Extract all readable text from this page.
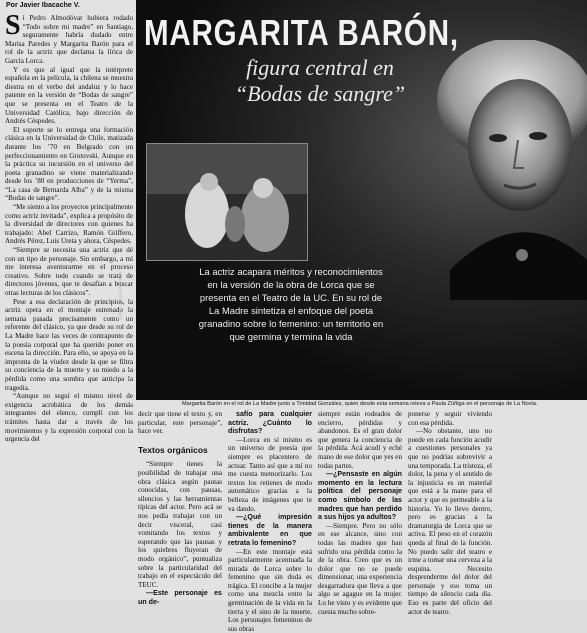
Por Javier Ibacache V.

Si Pedro Almodóvar hubiera rodado “Todo sobre mi madre” en Santiago, seguramente habría dudado entre Marisa Paredes y Margarita Barón para el rol de la actriz que declama la lírica de García Lorca.

Y es que al igual que la intérprete española en la película, la chilena se muestra diestra en el verbo del andaluz y lo hace patente en la versión de “Bodas de sangre” que se presenta en el Teatro de la Universidad Católica, bajo dirección de Andrés Céspedes.

El soporte se lo entrega una formación clásica en la Universidad de Chile, matizada durante los ’70 en Belgrado con un perfeccionamiento en Grotovski. Aunque en la práctica su incursión en el universo del poeta granadino se viene materializando desde los ’80 en producciones de “Yerma”, “La casa de Bernarda Alba” y de la misma “Bodas de sangre”.

“Me siento a los proyectos principalmente como actriz invitada”, explica a propósito de la diversidad de directores con quienes ha trabajado: Abel Carrizo, Ramón Griffero, Andrés Pérez, Luis Ureta y ahora, Céspedes.

“Siempre se necesita una actriz que dé con un tipo de personaje. Sin embargo, a mí me interesa aventurarme en el proceso creativo. Sobre todo cuando se trata de directores jóvenes, que te desafían a buscar otras lecturas de los clásicos”.

Pese a esa declaración de principios, la actriz opera en el montaje estrenado la semana pasada precisamente como un referente del clásico, ya que desde su rol de La Madre hace las veces de contrapunto de la poesía corporal que ha querido poner en escena la dirección. Para ello, se apoya en la impronta de la viudez desde la que se filtra su conciencia de la muerte y su miedo a la pérdida como una sombra que anticipa la tragedia.

“Aunque no seguí el mismo nivel de exigencia acrobática de los demás integrantes del elenco, cumplí con los trámites hasta dar a través de los movimientos y la expresión corporal con la urgencia del

MARGARITA BARÓN,
figura central en
“Bodas de sangre”
La actriz acapara méritos y reconocimientos en la versión de la obra de Lorca que se presenta en el Teatro de la UC. En su rol de La Madre sintetiza el enfoque del poeta granadino sobre lo femenino: un territorio en que germina y termina la vida
Fotos: Paula Roitman
Margarita Barón en el rol de La Madre junto a Trinidad González, quien desde esta semana releva a Paula Zúñiga en el personaje de La Novia.

decir que tiene el texto y, en particular, este personaje”, hace ver.

Textos orgánicos

“Siempre tienes la posibilidad de trabajar una obra clásica según pautas conocidas, con pausas, silencios y las herramientas típicas del actor. Pero acá se nos pedía trabajar con un decir visceral, casi vomitando los textos y esperando que las pausas y los quiebres fluyeran de modo orgánico”, puntualiza sobre la particularidad del trabajo en el espectáculo del TEUC.

—Este personaje es un de-

safío para cualquier actriz. ¿Cuánto lo disfrutas?

—Lorca en sí mismo es un universo de poesía que siempre es placentero de actuar. Tanto así que a mí no me cuesta memorizarlo. Los textos los retienes de modo automático gracias a la belleza de imágenes que te va dando.

—¿Qué impresión tienes de la manera ambivalente en que retrata lo femenino?

—En este montaje está particularmente acentuada la mirada de Lorca sobre lo femenino que sin duda es trágica. El concibe a la mujer como una mezcla entre la germinación de la vida en la tierra y el sino de la muerte. Los personajes femeninos de sus obras

siempre están rodeados de encierro, pérdidas y abandonos. Es el gran dolor que genera la conciencia de la pérdida. Acá acudí y eché mano de ese dolor que yes en todas partes.

—¿Pensaste en algún momento en la lectura política del personaje como símbolo de las madres que han perdido a sus hijos ya adultos?

—Siempre. Pero no sólo en ese alcance, sino con todas las madres que han sufrido una pérdida como la de la obra. Creo que es un dolor que no se puede dimensionar, una experiencia desgarradora que lleva a que algo se agague en la mujer. Lo he visto y es evidente que cuesta mucho sobre-

ponerse y seguir viviendo con esa pérdida.

—No obstante, uno no puede en cada función acudir a cuestiones personales ya que no podrías sobrevivir a una temporada. La tristeza, el dolor, la pena y el sentido de la injusticia es un material que está a la mano para el actor y que es permeable a la historia. Yo lo llevo dentro, pero es gracias a la dramaturgia de Lorca que se activa. El peso en el corazón queda al final de la función. No puedo salir del teatro e irme a tomar una cerveza a la esquina. Necesito desprenderme del dolor del personaje y eso toma un tiempo de silencio cada día. Eso es parte del oficio del actor de teatro.
